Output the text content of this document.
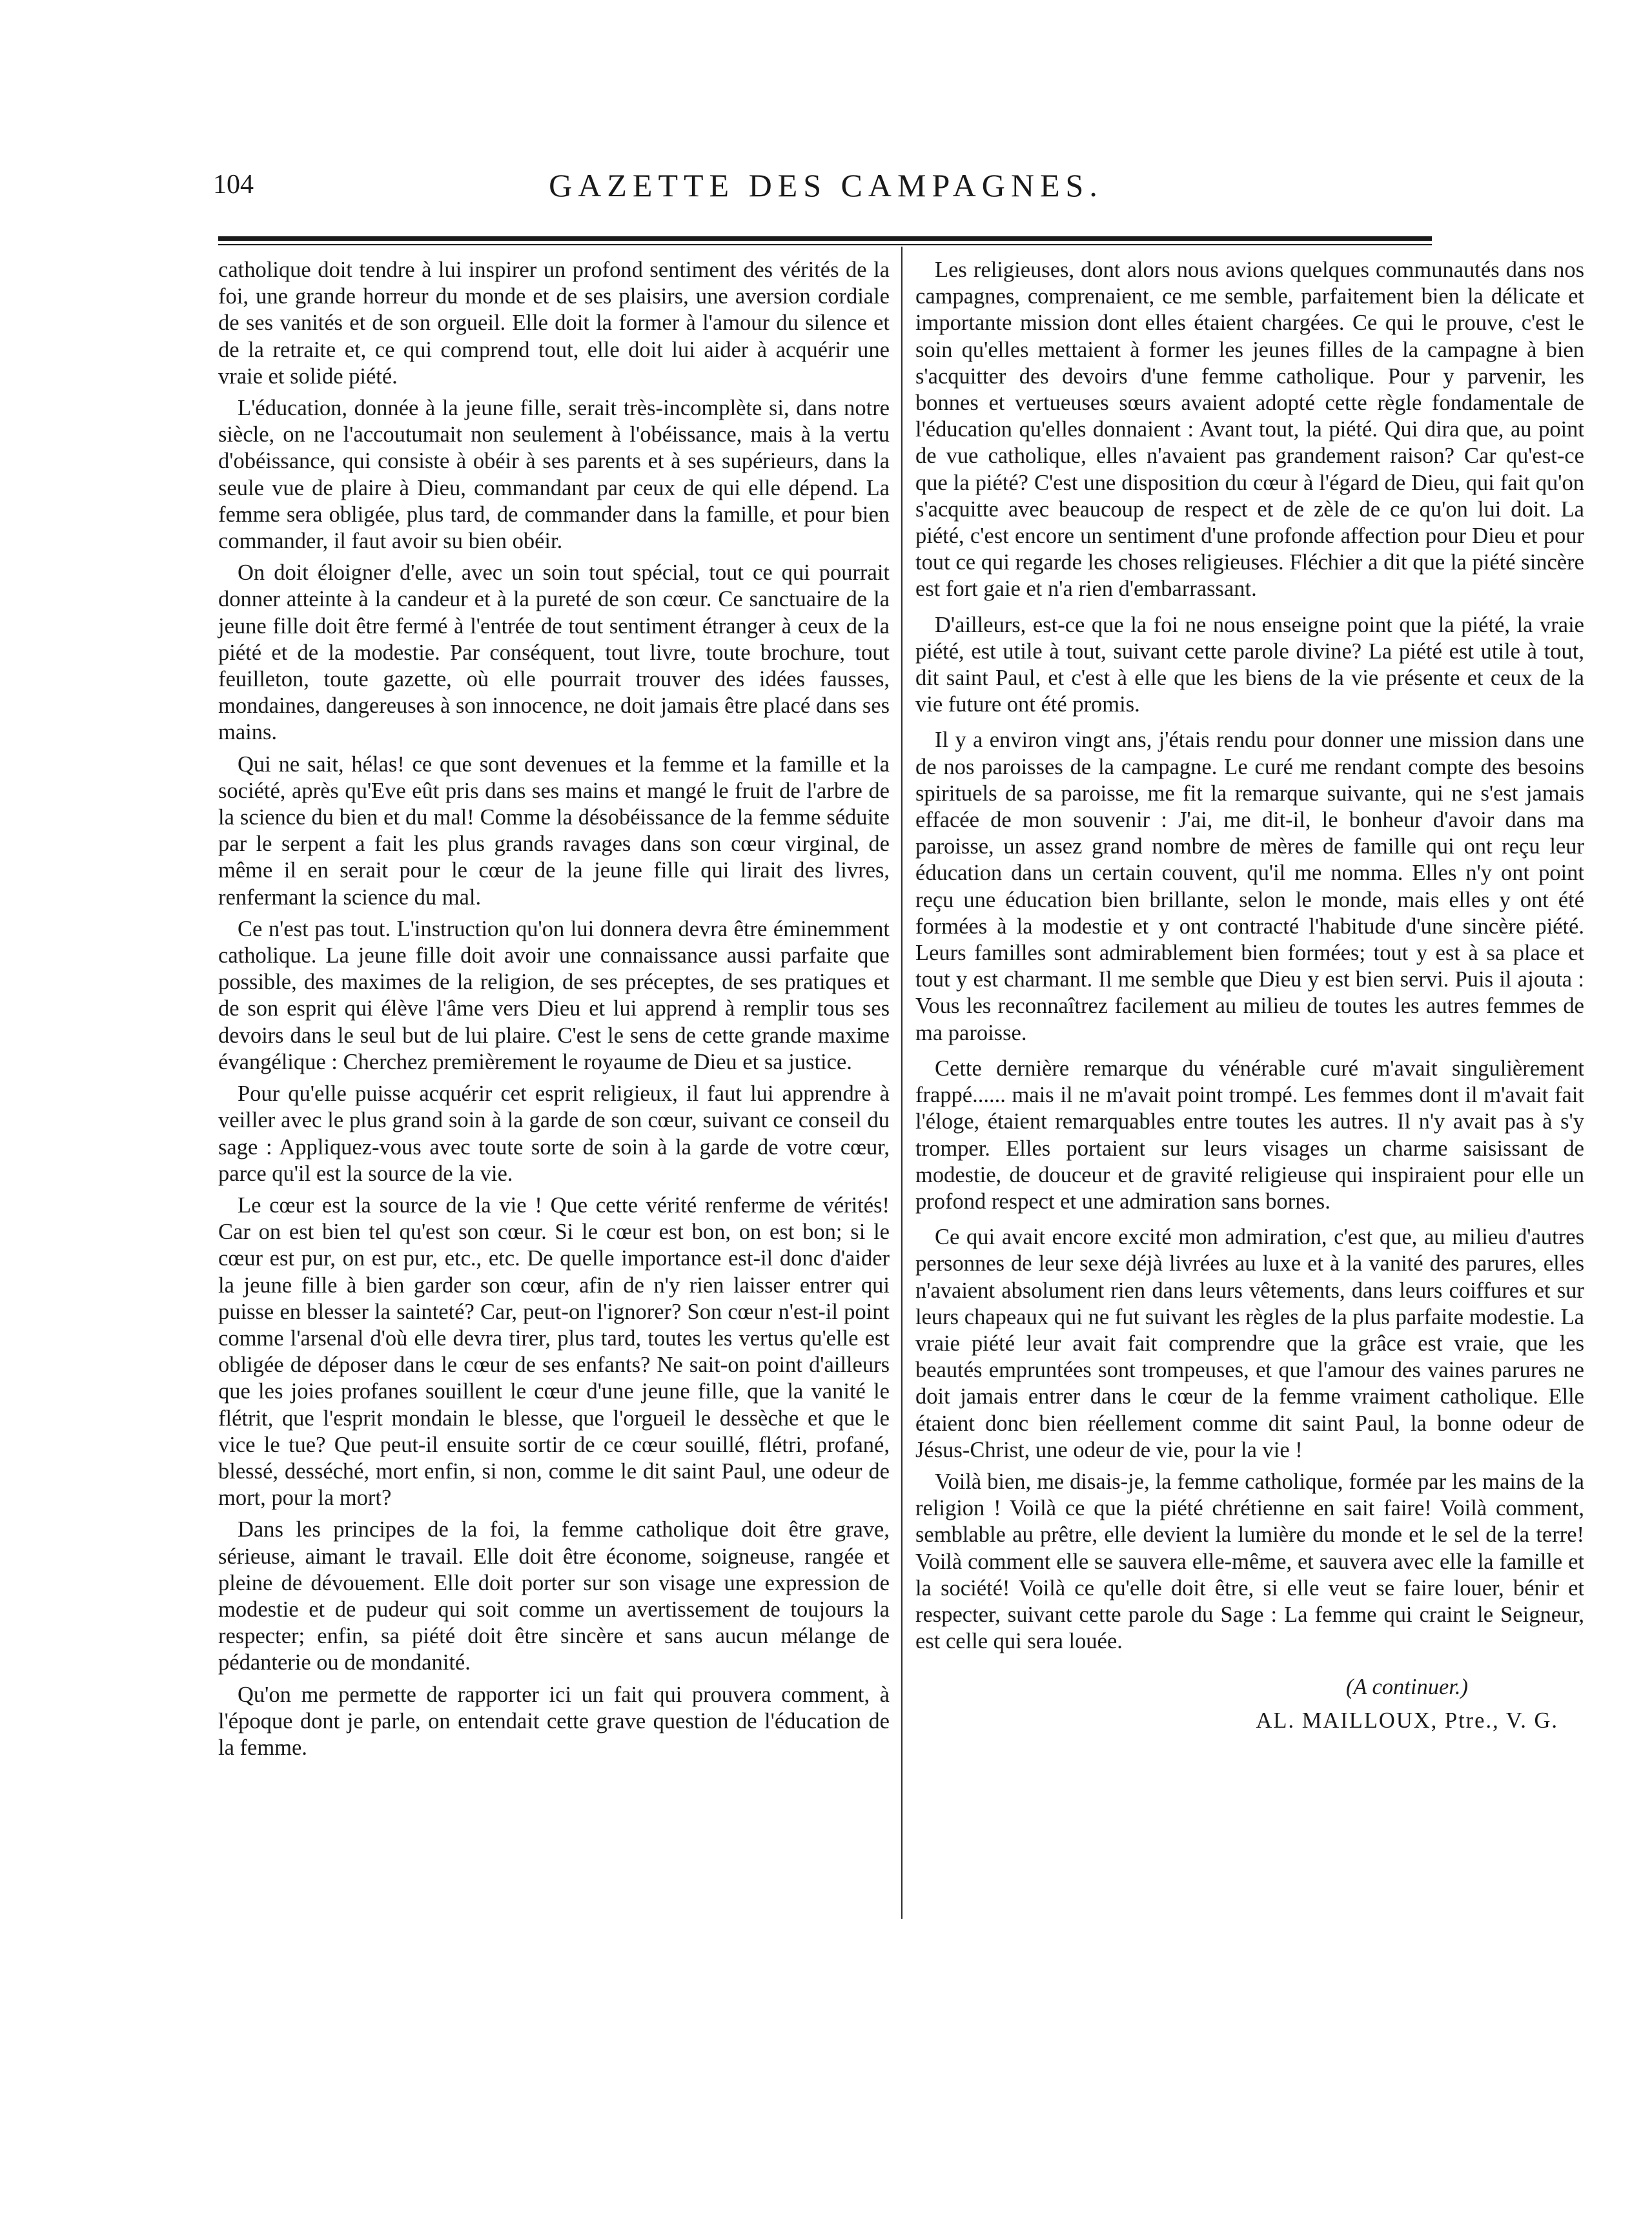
104	GAZETTE DES CAMPAGNES.

catholique doit tendre à lui inspirer un profond sentiment des vérités de la foi, une grande horreur du monde et de ses plaisirs, une aversion cordiale de ses vanités et de son orgueil. Elle doit la former à l'amour du silence et de la retraite et, ce qui comprend tout, elle doit lui aider à acquérir une vraie et solide piété.

L'éducation, donnée à la jeune fille, serait très-incomplète si, dans notre siècle, on ne l'accoutumait non seulement à l'obéissance, mais à la vertu d'obéissance, qui consiste à obéir à ses parents et à ses supérieurs, dans la seule vue de plaire à Dieu, commandant par ceux de qui elle dépend. La femme sera obligée, plus tard, de commander dans la famille, et pour bien commander, il faut avoir su bien obéir.

On doit éloigner d'elle, avec un soin tout spécial, tout ce qui pourrait donner atteinte à la candeur et à la pureté de son cœur. Ce sanctuaire de la jeune fille doit être fermé à l'entrée de tout sentiment étranger à ceux de la piété et de la modestie. Par conséquent, tout livre, toute brochure, tout feuilleton, toute gazette, où elle pourrait trouver des idées fausses, mondaines, dangereuses à son innocence, ne doit jamais être placé dans ses mains.

Qui ne sait, hélas! ce que sont devenues et la femme et la famille et la société, après qu'Eve eût pris dans ses mains et mangé le fruit de l'arbre de la science du bien et du mal! Comme la désobéissance de la femme séduite par le serpent a fait les plus grands ravages dans son cœur virginal, de même il en serait pour le cœur de la jeune fille qui lirait des livres, renfermant la science du mal.

Ce n'est pas tout. L'instruction qu'on lui donnera devra être éminemment catholique. La jeune fille doit avoir une connaissance aussi parfaite que possible, des maximes de la religion, de ses préceptes, de ses pratiques et de son esprit qui élève l'âme vers Dieu et lui apprend à remplir tous ses devoirs dans le seul but de lui plaire. C'est le sens de cette grande maxime évangélique : Cherchez premièrement le royaume de Dieu et sa justice.

Pour qu'elle puisse acquérir cet esprit religieux, il faut lui apprendre à veiller avec le plus grand soin à la garde de son cœur, suivant ce conseil du sage : Appliquez-vous avec toute sorte de soin à la garde de votre cœur, parce qu'il est la source de la vie.

Le cœur est la source de la vie ! Que cette vérité renferme de vérités! Car on est bien tel qu'est son cœur. Si le cœur est bon, on est bon; si le cœur est pur, on est pur, etc., etc. De quelle importance est-il donc d'aider la jeune fille à bien garder son cœur, afin de n'y rien laisser entrer qui puisse en blesser la sainteté? Car, peut-on l'ignorer? Son cœur n'est-il point comme l'arsenal d'où elle devra tirer, plus tard, toutes les vertus qu'elle est obligée de déposer dans le cœur de ses enfants? Ne sait-on point d'ailleurs que les joies profanes souillent le cœur d'une jeune fille, que la vanité le flétrit, que l'esprit mondain le blesse, que l'orgueil le dessèche et que le vice le tue? Que peut-il ensuite sortir de ce cœur souillé, flétri, profané, blessé, desséché, mort enfin, si non, comme le dit saint Paul, une odeur de mort, pour la mort?

Dans les principes de la foi, la femme catholique doit être grave, sérieuse, aimant le travail. Elle doit être économe, soigneuse, rangée et pleine de dévouement. Elle doit porter sur son visage une expression de modestie et de pudeur qui soit comme un avertissement de toujours la respecter; enfin, sa piété doit être sincère et sans aucun mélange de pédanterie ou de mondanité.

Qu'on me permette de rapporter ici un fait qui prouvera comment, à l'époque dont je parle, on entendait cette grave question de l'éducation de la femme.

Les religieuses, dont alors nous avions quelques communautés dans nos campagnes, comprenaient, ce me semble, parfaitement bien la délicate et importante mission dont elles étaient chargées. Ce qui le prouve, c'est le soin qu'elles mettaient à former les jeunes filles de la campagne à bien s'acquitter des devoirs d'une femme catholique. Pour y parvenir, les bonnes et vertueuses sœurs avaient adopté cette règle fondamentale de l'éducation qu'elles donnaient : Avant tout, la piété. Qui dira que, au point de vue catholique, elles n'avaient pas grandement raison? Car qu'est-ce que la piété? C'est une disposition du cœur à l'égard de Dieu, qui fait qu'on s'acquitte avec beaucoup de respect et de zèle de ce qu'on lui doit. La piété, c'est encore un sentiment d'une profonde affection pour Dieu et pour tout ce qui regarde les choses religieuses. Fléchier a dit que la piété sincère est fort gaie et n'a rien d'embarrassant.

D'ailleurs, est-ce que la foi ne nous enseigne point que la piété, la vraie piété, est utile à tout, suivant cette parole divine? La piété est utile à tout, dit saint Paul, et c'est à elle que les biens de la vie présente et ceux de la vie future ont été promis.

Il y a environ vingt ans, j'étais rendu pour donner une mission dans une de nos paroisses de la campagne. Le curé me rendant compte des besoins spirituels de sa paroisse, me fit la remarque suivante, qui ne s'est jamais effacée de mon souvenir : J'ai, me dit-il, le bonheur d'avoir dans ma paroisse, un assez grand nombre de mères de famille qui ont reçu leur éducation dans un certain couvent, qu'il me nomma. Elles n'y ont point reçu une éducation bien brillante, selon le monde, mais elles y ont été formées à la modestie et y ont contracté l'habitude d'une sincère piété. Leurs familles sont admirablement bien formées; tout y est à sa place et tout y est charmant. Il me semble que Dieu y est bien servi. Puis il ajouta : Vous les reconnaîtrez facilement au milieu de toutes les autres femmes de ma paroisse.

Cette dernière remarque du vénérable curé m'avait singulièrement frappé...... mais il ne m'avait point trompé. Les femmes dont il m'avait fait l'éloge, étaient remarquables entre toutes les autres. Il n'y avait pas à s'y tromper. Elles portaient sur leurs visages un charme saisissant de modestie, de douceur et de gravité religieuse qui inspiraient pour elle un profond respect et une admiration sans bornes.

Ce qui avait encore excité mon admiration, c'est que, au milieu d'autres personnes de leur sexe déjà livrées au luxe et à la vanité des parures, elles n'avaient absolument rien dans leurs vêtements, dans leurs coiffures et sur leurs chapeaux qui ne fut suivant les règles de la plus parfaite modestie. La vraie piété leur avait fait comprendre que la grâce est vraie, que les beautés empruntées sont trompeuses, et que l'amour des vaines parures ne doit jamais entrer dans le cœur de la femme vraiment catholique. Elle étaient donc bien réellement comme dit saint Paul, la bonne odeur de Jésus-Christ, une odeur de vie, pour la vie !

Voilà bien, me disais-je, la femme catholique, formée par les mains de la religion ! Voilà ce que la piété chrétienne en sait faire! Voilà comment, semblable au prêtre, elle devient la lumière du monde et le sel de la terre! Voilà comment elle se sauvera elle-même, et sauvera avec elle la famille et la société! Voilà ce qu'elle doit être, si elle veut se faire louer, bénir et respecter, suivant cette parole du Sage : La femme qui craint le Seigneur, est celle qui sera louée.

(A continuer.)
AL. MAILLOUX, Ptre., V. G.
